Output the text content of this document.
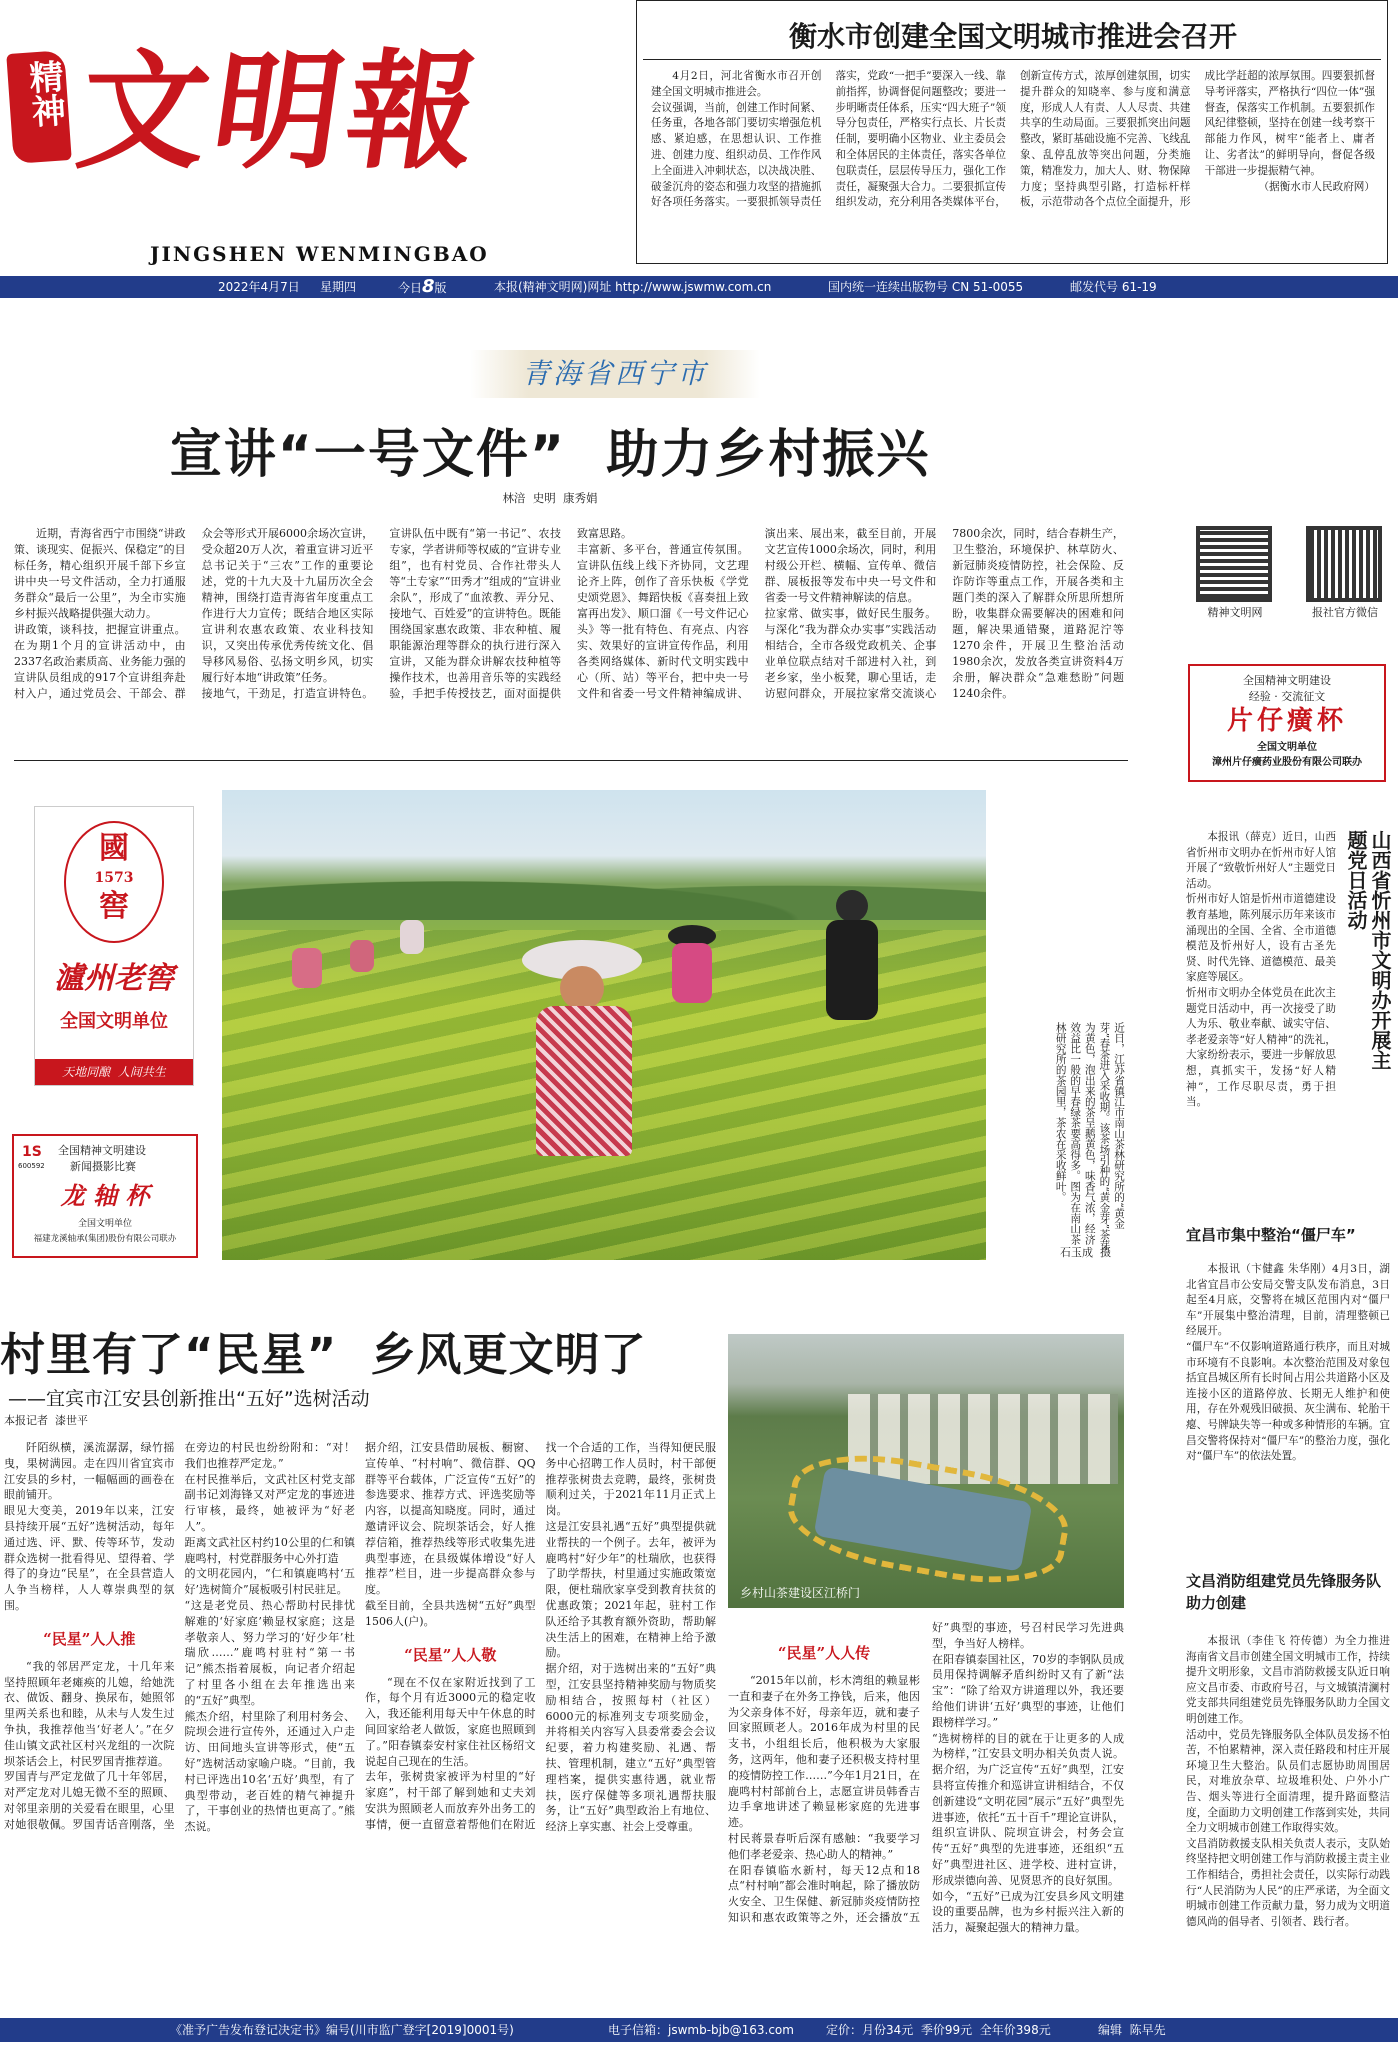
精神 文明報
JINGSHEN WENMINGBAO
衡水市创建全国文明城市推进会召开

4月2日，河北省衡水市召开创建全国文明城市推进会。
会议强调，当前，创建工作时间紧、任务重，各地各部门要切实增强危机感、紧迫感，在思想认识、工作推进、创建力度、组织动员、工作作风上全面进入冲刺状态，以决战决胜、破釜沉舟的姿态和强力攻坚的措施抓好各项任务落实。一要狠抓领导责任落实，党政“一把手”要深入一线、靠前指挥，协调督促问题整改；要进一步明晰责任体系，压实“四大班子”领导分包责任，严格实行点长、片长责任制，要明确小区物业、业主委员会和全体居民的主体责任，落实各单位包联责任，层层传导压力，强化工作责任，凝聚强大合力。二要狠抓宣传组织发动，充分利用各类媒体平台，创新宣传方式，浓厚创建氛围，切实提升群众的知晓率、参与度和满意度，形成人人有责、人人尽责、共建共享的生动局面。三要狠抓突出问题整改，紧盯基础设施不完善、飞线乱象、乱停乱放等突出问题，分类施策，精准发力，加大人、财、物保障力度；坚持典型引路，打造标杆样板，示范带动各个点位全面提升，形成比学赶超的浓厚氛围。四要狠抓督导考评落实，严格执行“四位一体”强督查，保落实工作机制。五要狠抓作风纪律整顿，坚持在创建一线考察干部能力作风，树牢“能者上、庸者让、劣者汰”的鲜明导向，督促各级干部进一步提振精气神。

（据衡水市人民政府网）
2022年4月7日 星期四	今日8版	本报(精神文明网)网址 http://www.jswmw.com.cn	国内统一连续出版物号 CN 51-0055	邮发代号 61-19
青海省西宁市
宣讲“一号文件”  助力乡村振兴
林涪  史明  康秀娟

近期，青海省西宁市围绕“讲政策、谈现实、促振兴、保稳定”的目标任务，精心组织开展千部下乡宣讲中央一号文件活动，全力打通服务群众“最后一公里”，为全市实施乡村振兴战略提供强大动力。
讲政策，谈科技，把握宣讲重点。在为期1个月的宣讲活动中，由2337名政治素质高、业务能力强的宣讲队员组成的917个宣讲组奔赴村入户，通过党员会、干部会、群众会等形式开展6000余场次宣讲，受众超20万人次，着重宣讲习近平总书记关于“三农”工作的重要论述，党的十九大及十九届历次全会精神，围绕打造青海省年度重点工作进行大力宣传；既结合地区实际宣讲利农惠农政策、农业科技知识，又突出传承优秀传统文化、倡导移风易俗、弘扬文明乡风，切实履行好本地“讲政策”任务。
接地气，干劲足，打造宣讲特色。宣讲队伍中既有“第一书记”、农技专家，学者讲师等权威的“宣讲专业组”，也有村党员、合作社带头人等“土专家”“田秀才”组成的“宣讲业余队”，形成了“血浓教、弄分兄、接地气、百姓爱”的宣讲特色。既能围绕国家惠农政策、非农种植、履职能源治理等群众的执行进行深入宣讲，又能为群众讲解农技种植等操作技术，也善用音乐等的实践经验，手把手传授技艺，面对面提供致富思路。
丰富新、多平台，普通宣传氛围。宣讲队伍线上线下齐协同，文艺理论齐上阵，创作了音乐快板《学党史颂党恩》、舞蹈快板《喜奏扭上致富再出发》、顺口溜《一号文件记心头》等一批有特色、有亮点、内容实、效果好的宣讲宣传作品，利用各类网络媒体、新时代文明实践中心（所、站）等平台，把中央一号文件和省委一号文件精神编成讲、演出来、展出来，截至目前，开展文艺宣传1000余场次，同时，利用村级公开栏、横幅、宣传单、微信群、展板报等发布中央一号文件和省委一号文件精神解读的信息。
拉家常、做实事，做好民生服务。与深化“我为群众办实事”实践活动相结合，全市各级党政机关、企事业单位联点结对千部进村入社，到老乡家，坐小板凳，聊心里话，走访慰问群众，开展拉家常交流谈心7800余次，同时，结合春耕生产，卫生整治，环境保护、林草防火、新冠肺炎疫情防控，社会保险、反诈防诈等重点工作，开展各类和主题门类的深入了解群众所思所想所盼，收集群众需要解决的困难和问题，解决果通错聚，道路泥泞等1270余件，开展卫生整治活动1980余次，发放各类宣讲资料4万余册，解决群众“急难愁盼”问题1240余件。

精神文明网	报社官方微信
全国精神文明建设
经验 · 交流征文
片仔癀杯
全国文明单位
漳州片仔癀药业股份有限公司联办
山西省忻州市文明办开展主题党日活动

本报讯（薛克）近日，山西省忻州市文明办在忻州市好人馆开展了“致敬忻州好人”主题党日活动。
忻州市好人馆是忻州市道德建设教育基地，陈列展示历年来该市涌现出的全国、全省、全市道德模范及忻州好人，设有古圣先贤、时代先锋、道德模范、最美家庭等展区。
忻州市文明办全体党员在此次主题党日活动中，再一次接受了助人为乐、敬业奉献、诚实守信、孝老爱亲等“好人精神”的洗礼，大家纷纷表示，要进一步解放思想，真抓实干，发扬“好人精神”，工作尽职尽责，勇于担当。

宜昌市集中整治“僵尸车”

本报讯（卞健鑫 朱华刚）4月3日，湖北省宜昌市公安局交警支队发布消息，3日起至4月底，交警将在城区范围内对“僵尸车”开展集中整治清理，目前，清理整顿已经展开。
“僵尸车”不仅影响道路通行秩序，而且对城市环境有不良影响。本次整治范围及对象包括宜昌城区所有长时间占用公共道路小区及连接小区的道路停放、长期无人维护和使用，存在外观残旧破损、灰尘满布、轮胎干瘪、号牌缺失等一种或多种情形的车辆。宜昌交警将保持对“僵尸车”的整治力度，强化对“僵尸车”的依法处置。

文昌消防组建党员先锋服务队助力创建

本报讯（李佳飞 符传德）为全力推进海南省文昌市创建全国文明城市工作，持续提升文明形象，文昌市消防救援支队近日响应文昌市委、市政府号召，与文城镇清澜村党支部共同组建党员先锋服务队助力全国文明创建工作。
活动中，党员先锋服务队全体队员发扬不怕苦，不怕累精神，深入责任路段和村庄开展环境卫生大整治。队员们志愿协助周围居民，对堆放杂草、垃圾堆积处、户外小广告、烟头等进行全面清理，提升路面整洁度，全面助力文明创建工作落到实处，共同全力文明城市创建工作取得实效。
文昌消防救援支队相关负责人表示，支队始终坚持把文明创建工作与消防救援主责主业工作相结合，勇担社会责任，以实际行动践行“人民消防为人民”的庄严承诺，为全面文明城市创建工作贡献力量，努力成为文明道德风尚的倡导者、引领者、践行者。

國
1573
窖
瀘州老窖
全国文明单位
天地同酿  人间共生
1S
600592
全国精神文明建设
新闻摄影比赛
龙 轴 杯
全国文明单位
福建龙溪轴承(集团)股份有限公司联办
近日，江苏省镇江市南山茶林研究所的“黄金芽”春茶进入采收期。该茶场引种的“黄金芽”茶芽为黄色，泡出来的茶呈鹅黄色，味香气浓，经济效益比一般的早春绿茶要高得多。图为在南山茶林研究所的茶园里，茶农在采收鲜叶。
石玉成  摄
村里有了“民星”  乡风更文明了
——宜宾市江安县创新推出“五好”选树活动
本报记者  漆世平
乡村山茶建设区江桥门

阡陌纵横，溪流潺潺，绿竹摇曳，果树满园。走在四川省宜宾市江安县的乡村，一幅幅画的画卷在眼前铺开。
眼见大变美，2019年以来，江安县持续开展“五好”选树活动，每年通过选、评、默、传等环节，发动群众选树一批看得见、望得着、学得了的身边“民星”，在全县营造人人争当榜样，人人尊崇典型的氛围。

“民星”人人推

“我的邻居严定龙，十几年来坚持照顾年老瘫痪的儿媳，给她洗衣、做饭、翻身、换尿布，她照邻里两关系也和睦，从未与人发生过争执，我推荐他当‘好老人’。”在夕佳山镇文武社区村兴龙组的一次院坝茶话会上，村民罗国青推荐道。
罗国青与严定龙做了几十年邻居，对严定龙对儿媳无微不至的照顾、对邻里亲朋的关爱看在眼里，心里对她很敬佩。罗国青话音刚落，坐在旁边的村民也纷纷附和：“对！我们也推荐严定龙。”
在村民推举后，文武社区村党支部副书记刘海锋又对严定龙的事迹进行审核，最终，她被评为“好老人”。
距离文武社区村约10公里的仁和镇鹿鸣村，村党群服务中心外打造

的文明花园内，“仁和镇鹿鸣村‘五好’选树简介”展板吸引村民驻足。
“这是老党员、热心帮助村民排忧解难的‘好家庭’赖显权家庭；这是孝敬亲人、努力学习的‘好少年’杜瑞欣……”鹿鸣村驻村“第一书记”熊杰指着展板，向记者介绍起了村里各小组在去年推选出来的“五好”典型。
熊杰介绍，村里除了利用村务会、院坝会进行宣传外，还通过入户走访、田间地头宣讲等形式，使“五好”选树活动家喻户晓。“目前，我村已评选出10名‘五好’典型，有了典型带动，老百姓的精气神提升了，干事创业的热情也更高了。”熊杰说。
据介绍，江安县借助展板、橱窗、宣传单、“村村响”、微信群、QQ群等平台载体，广泛宣传“五好”的参选要求、推荐方式、评选奖励等内容，以提高知晓度。同时，通过邀请评议会、院坝茶话会，好人推荐信箱，推荐热线等形式收集先进典型事迹，在县级媒体增设“好人推荐”栏目，进一步提高群众参与度。
截至目前，全县共选树“五好”典型1506人(户)。

“民星”人人敬

“现在不仅在家附近找到了工作，每个月有近3000元的稳定收入，我还能利用每天中午休息的时间回家给老人做饭，家庭也照顾到了。”阳春镇泰安村家住社区杨绍文说起自己现在的生活。
去年，张树贵家被评为村里的“好家庭”，村干部了解到她和丈夫刘安洪为照顾老人而放弃外出务工的事情，便一直留意着帮他们在附近找一个合适的工作，当得知便民服务中心招聘工作人员时，村干部便推荐张树贵去竞聘，最终，张树贵顺利过关，于2021年11月正式上岗。
这是江安县礼遇“五好”典型提供就业帮扶的一个例子。去年，被评为鹿鸣村“好少年”的杜瑞欣，也获得了助学帮扶，村里通过实施政策宽限，便杜瑞欣家享受到教育扶贫的优惠政策；2021年起，驻村工作队还给予其教育额外资助，帮助解决生活上的困难，在精神上给予激励。
据介绍，对于选树出来的“五好”典型，江安县坚持精神奖励与物质奖励相结合，按照每村（社区）6000元的标准列支专项奖励金，并将相关内容写入县委常委会会议纪要，着力构建奖励、礼遇、帮扶、管理机制，建立“五好”典型管理档案，提供实惠待遇，就业帮扶，医疗保健等多项礼遇帮扶服务，让“五好”典型政治上有地位、经济上享实惠、社会上受尊重。

“民星”人人传

“2015年以前，杉木湾组的赖显彬一直和妻子在外务工挣钱，后来，他因为父亲身体不好，母亲年迈，就和妻子回家照顾老人。2016年成为村里的民支书，小组组长后，他积极为大家服务，这两年，他和妻子还积极支持村里的疫情防控工作……”今年1月21日，在鹿鸣村村部前台上，志愿宣讲员韩香吉边手拿地讲述了赖显彬家庭的先进事迹。
村民蒋景春听后深有感触：“我要学习他们孝老爱亲、热心助人的精神。”
在阳春镇临水新村，每天12点和18点“村村响”都会准时响起，除了播放防火安全、卫生保健、新冠肺炎疫情防控知识和惠农政策等之外，还会播放“五好”典型的事迹，号召村民学习先进典型，争当好人榜样。
在阳春镇泰国社区，70岁的李钢队员成员用保持调解矛盾纠纷时又有了新“法宝”：“除了给双方讲道理以外，我还要给他们讲讲‘五好’典型的事迹，让他们跟榜样学习。”
“选树榜样的目的就在于让更多的人成为榜样，”江安县文明办相关负责人说。据介绍，为广泛宣传“五好”典型，江安县将宣传推介和巡讲宣讲相结合，不仅创新建设“文明花园”展示“五好”典型先进事迹，依托“五十百千”理论宣讲队，组织宣讲队、院坝宣讲会，村务会宣传“五好”典型的先进事迹，还组织“五好”典型进社区、进学校、进村宣讲，形成崇德向善、见贤思齐的良好氛围。
如今，“五好”已成为江安县乡风文明建设的重要品牌，也为乡村振兴注入新的活力，凝聚起强大的精神力量。

《准予广告发布登记决定书》编号(川市监广登字[2019]0001号)	电子信箱：jswmb-bjb@163.com	定价：月份34元  季价99元  全年价398元	编辑  陈早先
